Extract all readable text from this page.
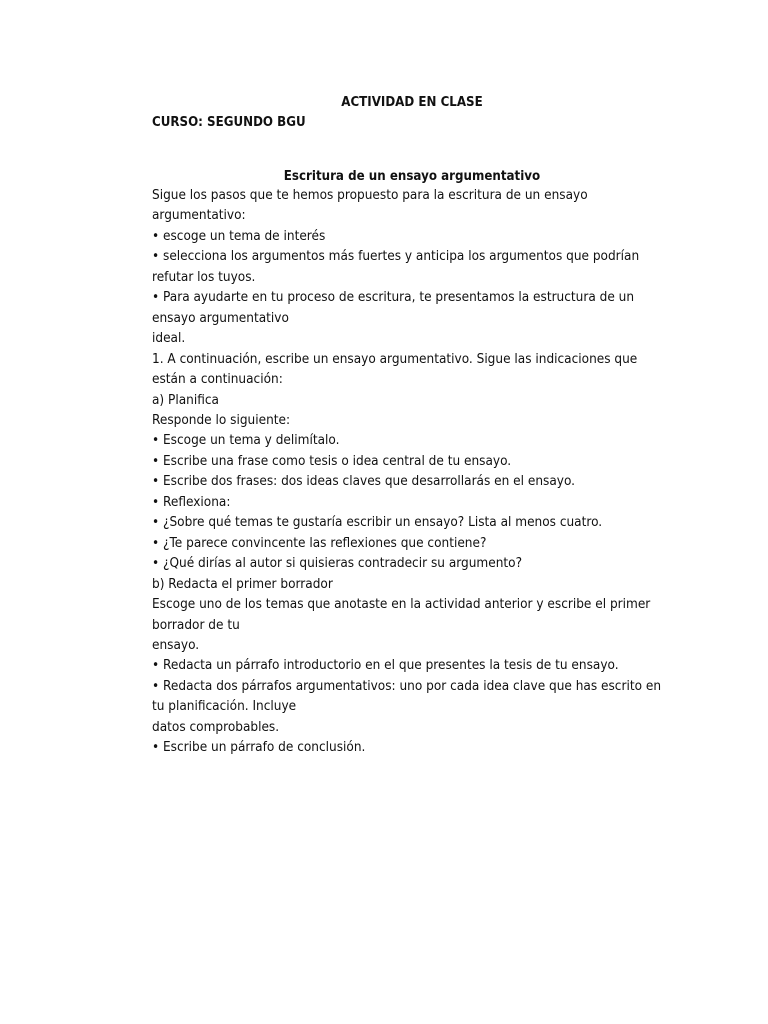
ACTIVIDAD EN CLASE
CURSO: SEGUNDO BGU
Escritura de un ensayo argumentativo
Sigue los pasos que te hemos propuesto para la escritura de un ensayo
argumentativo:
• escoge un tema de interés
• selecciona los argumentos más fuertes y anticipa los argumentos que podrían
refutar los tuyos.
• Para ayudarte en tu proceso de escritura, te presentamos la estructura de un
ensayo argumentativo
ideal.
1. A continuación, escribe un ensayo argumentativo. Sigue las indicaciones que
están a continuación:
a) Planifica
Responde lo siguiente:
• Escoge un tema y delimítalo.
• Escribe una frase como tesis o idea central de tu ensayo.
• Escribe dos frases: dos ideas claves que desarrollarás en el ensayo.
• Reflexiona:
• ¿Sobre qué temas te gustaría escribir un ensayo? Lista al menos cuatro.
• ¿Te parece convincente las reflexiones que contiene?
• ¿Qué dirías al autor si quisieras contradecir su argumento?
b) Redacta el primer borrador
Escoge uno de los temas que anotaste en la actividad anterior y escribe el primer
borrador de tu
ensayo.
• Redacta un párrafo introductorio en el que presentes la tesis de tu ensayo.
• Redacta dos párrafos argumentativos: uno por cada idea clave que has escrito en
tu planificación. Incluye
datos comprobables.
• Escribe un párrafo de conclusión.
